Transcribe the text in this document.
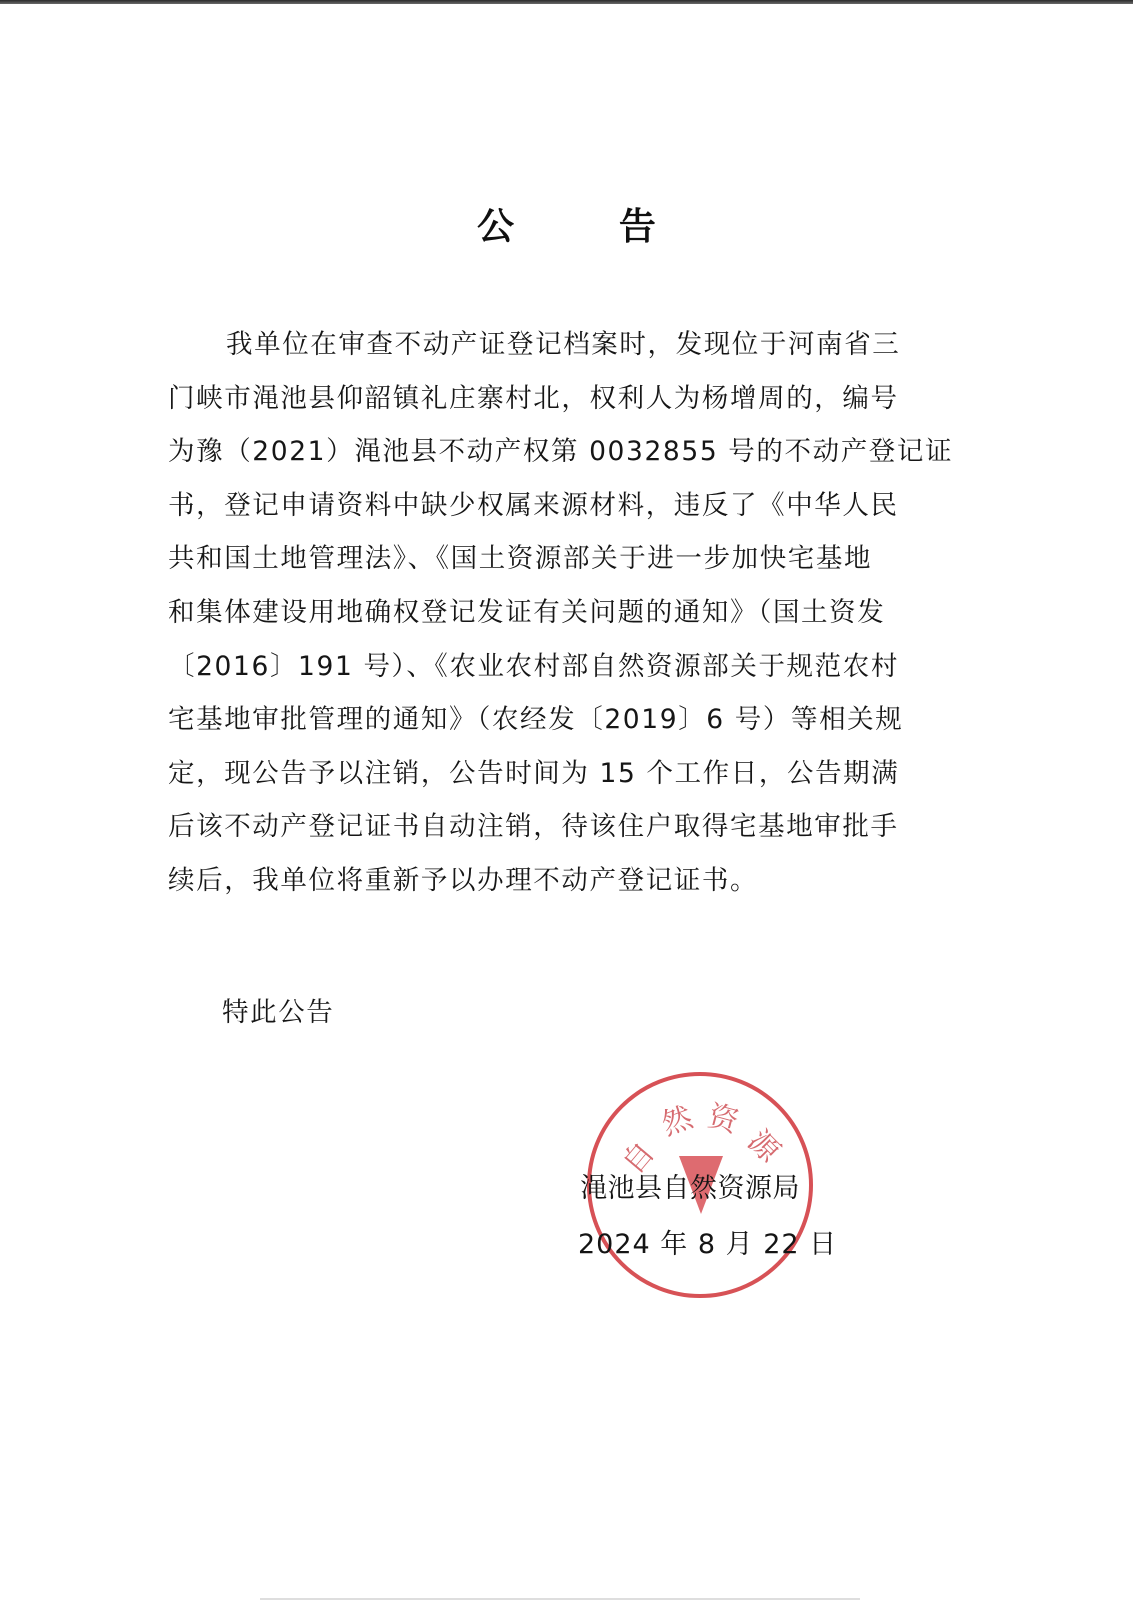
公 告
我单位在审查不动产证登记档案时，发现位于河南省三
门峡市渑池县仰韶镇礼庄寨村北，权利人为杨增周的，编号
为豫（2021）渑池县不动产权第 0032855 号的不动产登记证
书，登记申请资料中缺少权属来源材料，违反了《中华人民
共和国土地管理法》、《国土资源部关于进一步加快宅基地
和集体建设用地确权登记发证有关问题的通知》（国土资发
〔2016〕191 号）、《农业农村部自然资源部关于规范农村
宅基地审批管理的通知》（农经发〔2019〕6 号）等相关规
定，现公告予以注销，公告时间为 15 个工作日，公告期满
后该不动产登记证书自动注销，待该住户取得宅基地审批手
续后，我单位将重新予以办理不动产登记证书。
特此公告
自
然 资
源
渑池县自然资源局
2024 年 8 月 22 日
